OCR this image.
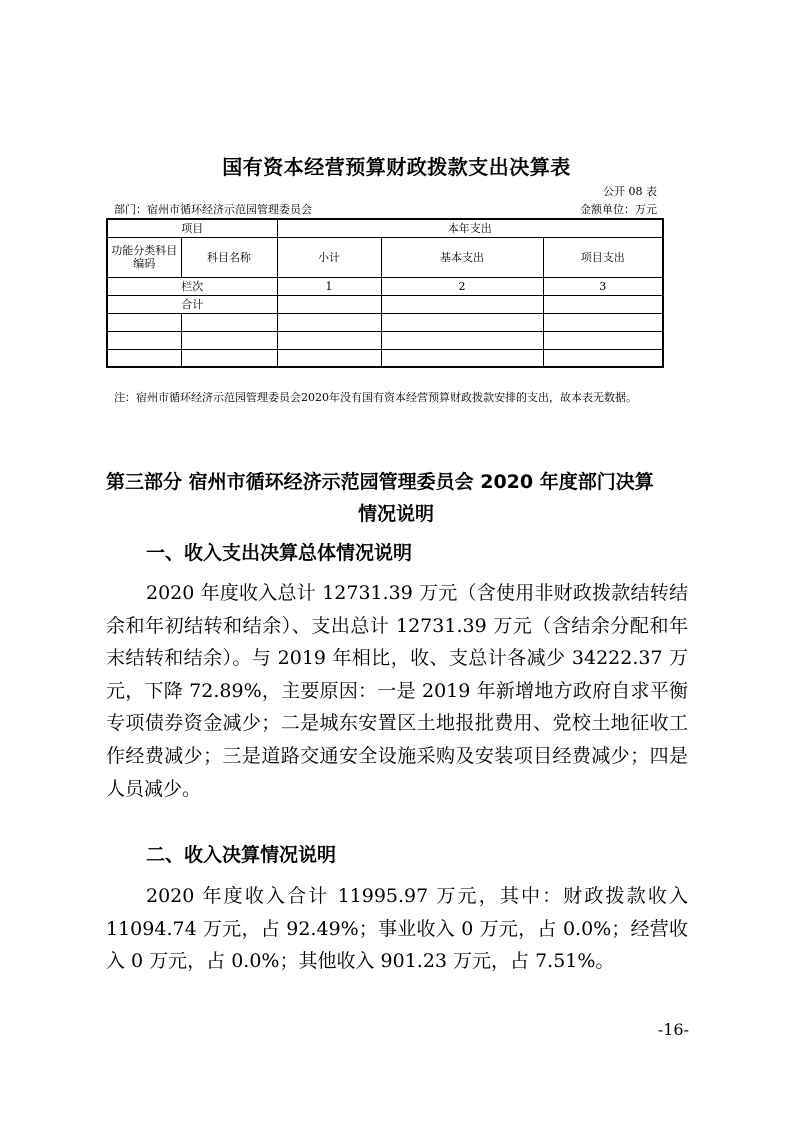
国有资本经营预算财政拨款支出决算表
公开 08 表
部门：宿州市循环经济示范园管理委员会	金额单位：万元
项目		本年支出		
功能分类科目编码	科目名称	小计	基本支出	项目支出
栏次		1	2	3
合计				

注：宿州市循环经济示范园管理委员会2020年没有国有资本经营预算财政拨款安排的支出，故本表无数据。
第三部分 宿州市循环经济示范园管理委员会 2020 年度部门决算
情况说明
一、收入支出决算总体情况说明
2020 年度收入总计 12731.39 万元（含使用非财政拨款结转结余和年初结转和结余）、支出总计 12731.39 万元（含结余分配和年末结转和结余）。与 2019 年相比，收、支总计各减少 34222.37 万元，下降 72.89%，主要原因：一是 2019 年新增地方政府自求平衡专项债券资金减少；二是城东安置区土地报批费用、党校土地征收工作经费减少；三是道路交通安全设施采购及安装项目经费减少；四是人员减少。
二、收入决算情况说明
2020 年度收入合计 11995.97 万元，其中：财政拨款收入11094.74 万元，占 92.49%；事业收入 0 万元，占 0.0%；经营收入 0 万元，占 0.0%；其他收入 901.23 万元，占 7.51%。
-16-
